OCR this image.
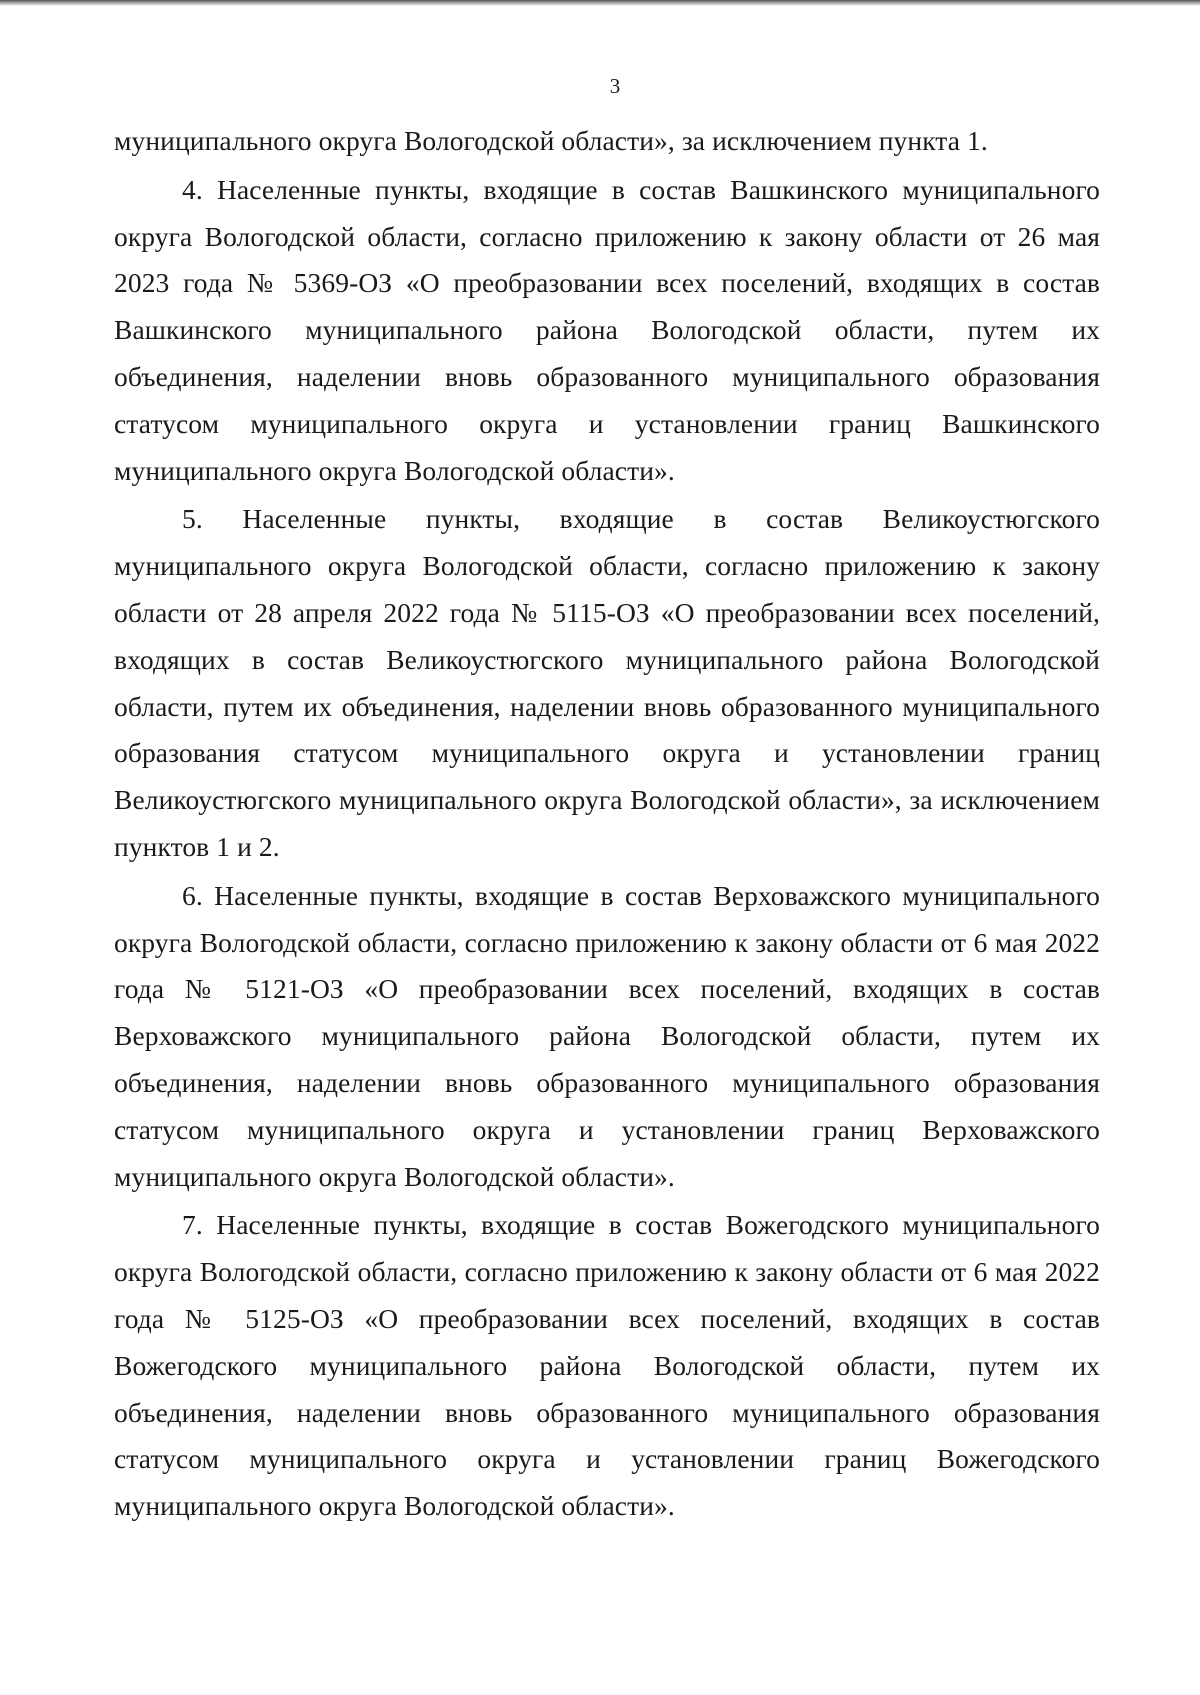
3

муниципального округа Вологодской области», за исключением пункта 1.

4. Населенные пункты, входящие в состав Вашкинского муниципального округа Вологодской области, согласно приложению к закону области от 26 мая 2023 года № 5369-ОЗ «О преобразовании всех поселений, входящих в состав Вашкинского муниципального района Вологодской области, путем их объединения, наделении вновь образованного муниципального образования статусом муниципального округа и установлении границ Вашкинского муниципального округа Вологодской области».

5. Населенные пункты, входящие в состав Великоустюгского муниципального округа Вологодской области, согласно приложению к закону области от 28 апреля 2022 года № 5115-ОЗ «О преобразовании всех поселений, входящих в состав Великоустюгского муниципального района Вологодской области, путем их объединения, наделении вновь образованного муниципального образования статусом муниципального округа и установлении границ Великоустюгского муниципального округа Вологодской области», за исключением пунктов 1 и 2.

6. Населенные пункты, входящие в состав Верховажского муниципального округа Вологодской области, согласно приложению к закону области от 6 мая 2022 года № 5121-ОЗ «О преобразовании всех поселений, входящих в состав Верховажского муниципального района Вологодской области, путем их объединения, наделении вновь образованного муниципального образования статусом муниципального округа и установлении границ Верховажского муниципального округа Вологодской области».

7. Населенные пункты, входящие в состав Вожегодского муниципального округа Вологодской области, согласно приложению к закону области от 6 мая 2022 года № 5125-ОЗ «О преобразовании всех поселений, входящих в состав Вожегодского муниципального района Вологодской области, путем их объединения, наделении вновь образованного муниципального образования статусом муниципального округа и установлении границ Вожегодского муниципального округа Вологодской области».
